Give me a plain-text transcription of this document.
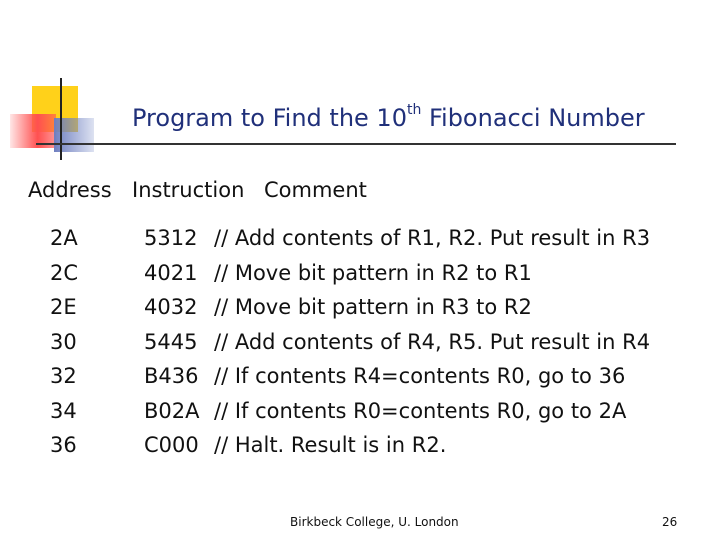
Program to Find the 10th Fibonacci Number
Address Instruction Comment
2A	5312 // Add contents of R1, R2. Put result in R3
2C	4021 // Move bit pattern in R2 to R1
2E	4032 // Move bit pattern in R3 to R2
30	5445 // Add contents of R4, R5. Put result in R4
32	B436 // If contents R4=contents R0, go to 36
34	B02A // If contents R0=contents R0, go to 2A
36	C000 // Halt. Result is in R2.
Birkbeck College, U. London	26
